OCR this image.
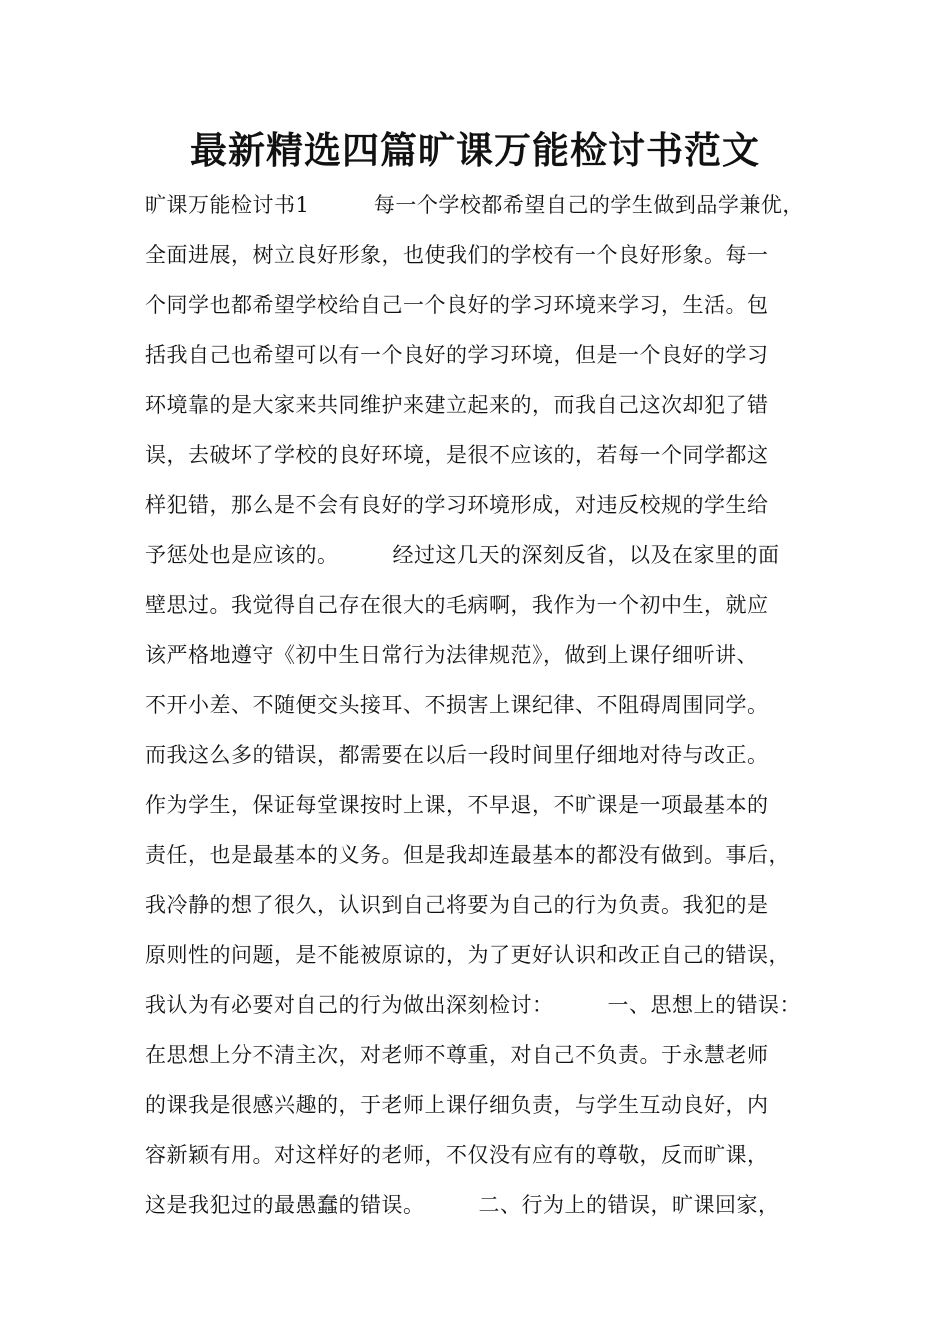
最新精选四篇旷课万能检讨书范文
旷课万能检讨书1　　　每一个学校都希望自己的学生做到品学兼优，
全面进展，树立良好形象，也使我们的学校有一个良好形象。每一
个同学也都希望学校给自己一个良好的学习环境来学习，生活。包
括我自己也希望可以有一个良好的学习环境，但是一个良好的学习
环境靠的是大家来共同维护来建立起来的，而我自己这次却犯了错
误，去破坏了学校的良好环境，是很不应该的，若每一个同学都这
样犯错，那么是不会有良好的学习环境形成，对违反校规的学生给
予惩处也是应该的。　　　经过这几天的深刻反省，以及在家里的面
壁思过。我觉得自己存在很大的毛病啊，我作为一个初中生，就应
该严格地遵守《初中生日常行为法律规范》，做到上课仔细听讲、
不开小差、不随便交头接耳、不损害上课纪律、不阻碍周围同学。
而我这么多的错误，都需要在以后一段时间里仔细地对待与改正。
作为学生，保证每堂课按时上课，不早退，不旷课是一项最基本的
责任，也是最基本的义务。但是我却连最基本的都没有做到。事后，
我冷静的想了很久，认识到自己将要为自己的行为负责。我犯的是
原则性的问题，是不能被原谅的，为了更好认识和改正自己的错误，
我认为有必要对自己的行为做出深刻检讨：　　　一、思想上的错误：
在思想上分不清主次，对老师不尊重，对自己不负责。于永慧老师
的课我是很感兴趣的，于老师上课仔细负责，与学生互动良好，内
容新颖有用。对这样好的老师，不仅没有应有的尊敬，反而旷课，
这是我犯过的最愚蠢的错误。　　　二、行为上的错误，旷课回家，
